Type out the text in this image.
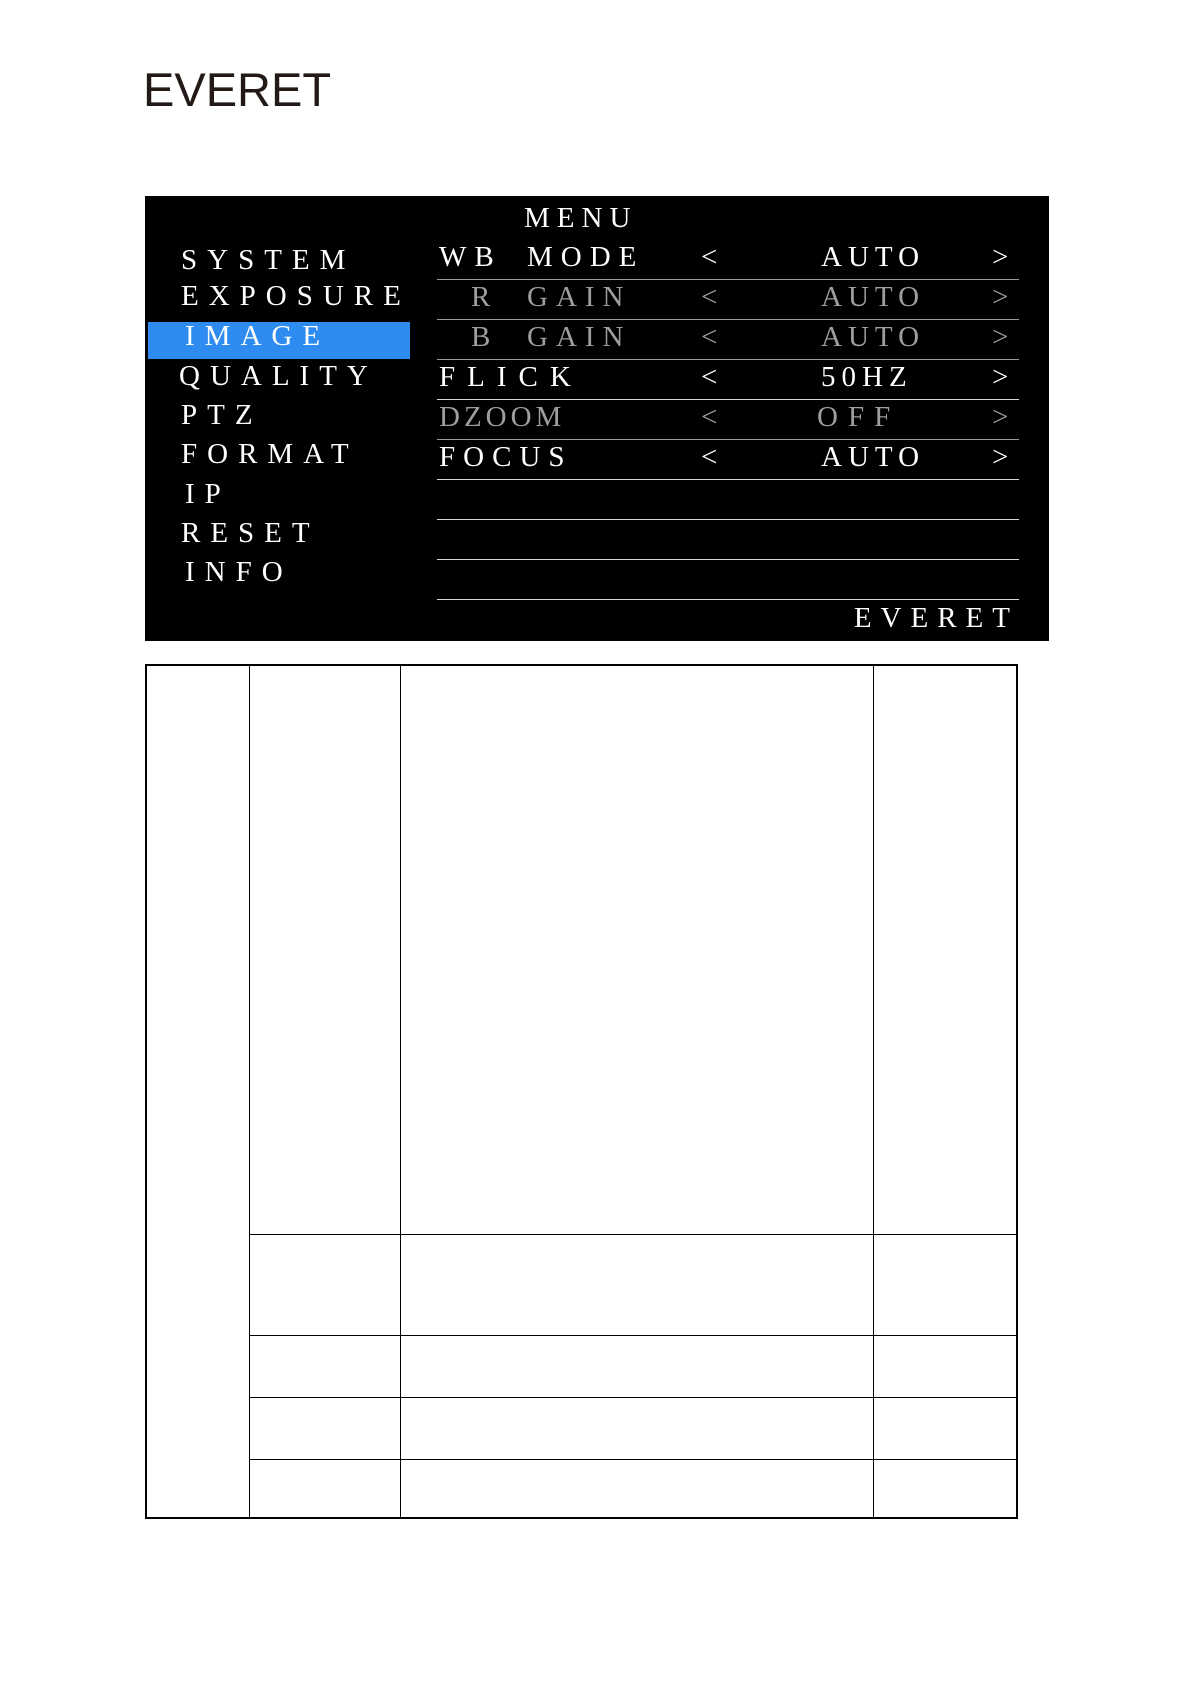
EVERET
MENU
SYSTEM
EXPOSURE
IMAGE
QUALITY
PTZ
FORMAT
IP
RESET
INFO
WB MODE <	AUTO >
R GAIN <	AUTO >
B GAIN <	AUTO >
FLICK	<	50HZ	>
DZOOM	<	OFF	>
FOCUS	<	AUTO >
EVERET
